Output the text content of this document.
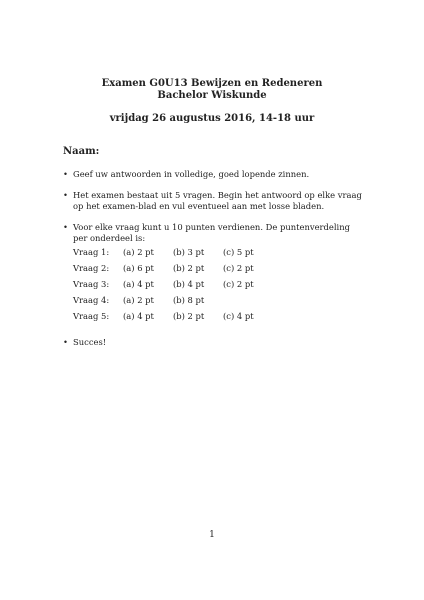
Examen G0U13 Bewijzen en Redeneren
Bachelor Wiskunde
vrijdag 26 augustus 2016, 14-18 uur
Naam:
• Geef uw antwoorden in volledige, goed lopende zinnen.
• Het examen bestaat uit 5 vragen. Begin het antwoord op elke vraag op het examen-blad en vul eventueel aan met losse bladen.
• Voor elke vraag kunt u 10 punten verdienen. De puntenverdeling per onderdeel is:
Vraag 1:	(a) 2 pt	(b) 3 pt	(c) 5 pt
Vraag 2:	(a) 6 pt	(b) 2 pt	(c) 2 pt
Vraag 3:	(a) 4 pt	(b) 4 pt	(c) 2 pt
Vraag 4:	(a) 2 pt	(b) 8 pt	
Vraag 5:	(a) 4 pt	(b) 2 pt	(c) 4 pt
• Succes!
1
